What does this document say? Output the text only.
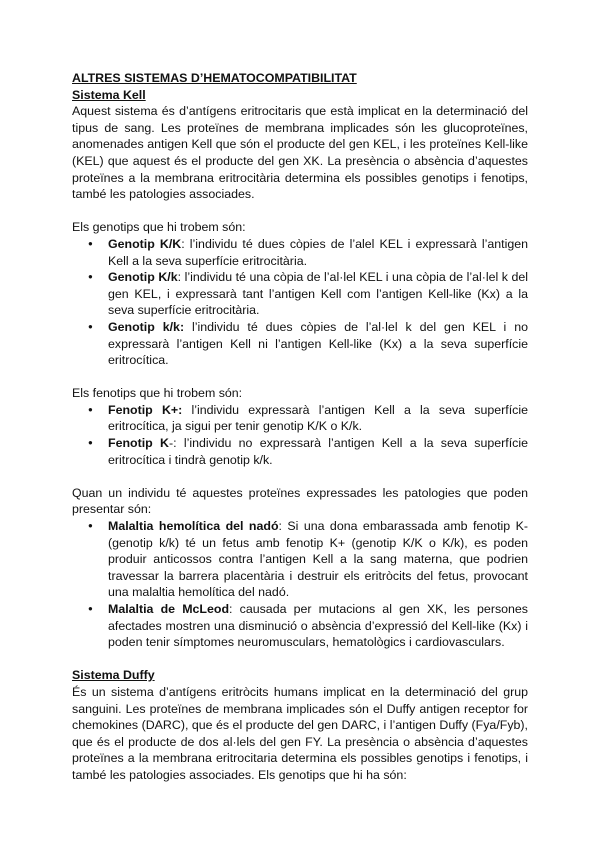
ALTRES SISTEMAS D’HEMATOCOMPATIBILITAT
Sistema Kell

Aquest sistema és d’antígens eritrocitaris que està implicat en la determinació del tipus de sang. Les proteïnes de membrana implicades són les glucoproteïnes, anomenades antigen Kell que són el producte del gen KEL, i les proteïnes Kell-like (KEL) que aquest és el producte del gen XK. La presència o absència d’aquestes proteïnes a la membrana eritrocitària determina els possibles genotips i fenotips, també les patologies associades.

Els genotips que hi trobem són:

● Genotip K/K: l’individu té dues còpies de l’alel KEL i expressarà l’antigen Kell a la seva superfície eritrocitària.
● Genotip K/k: l’individu té una còpia de l’al·lel KEL i una còpia de l’al·lel k del gen KEL, i expressarà tant l’antigen Kell com l’antigen Kell-like (Kx) a la seva superfície eritrocitària.
● Genotip k/k: l’individu té dues còpies de l’al·lel k del gen KEL i no expressarà l’antigen Kell ni l’antigen Kell-like (Kx) a la seva superfície eritrocítica.

Els fenotips que hi trobem són:

● Fenotip K+: l’individu expressarà l’antigen Kell a la seva superfície eritrocítica, ja sigui per tenir genotip K/K o K/k.
● Fenotip K-: l’individu no expressarà l’antigen Kell a la seva superfície eritrocítica i tindrà genotip k/k.

Quan un individu té aquestes proteïnes expressades les patologies que poden presentar són:

● Malaltia hemolítica del nadó: Si una dona embarassada amb fenotip K- (genotip k/k) té un fetus amb fenotip K+ (genotip K/K o K/k), es poden produir anticossos contra l’antigen Kell a la sang materna, que podrien travessar la barrera placentària i destruir els eritròcits del fetus, provocant una malaltia hemolítica del nadó.
● Malaltia de McLeod: causada per mutacions al gen XK, les persones afectades mostren una disminució o absència d’expressió del Kell-like (Kx) i poden tenir símptomes neuromusculars, hematològics i cardiovasculars.
Sistema Duffy

És un sistema d’antígens eritròcits humans implicat en la determinació del grup sanguini. Les proteïnes de membrana implicades són el Duffy antigen receptor for chemokines (DARC), que és el producte del gen DARC, i l’antigen Duffy (Fya/Fyb), que és el producte de dos al·lels del gen FY. La presència o absència d’aquestes proteïnes a la membrana eritrocitaria determina els possibles genotips i fenotips, i també les patologies associades. Els genotips que hi ha són:
